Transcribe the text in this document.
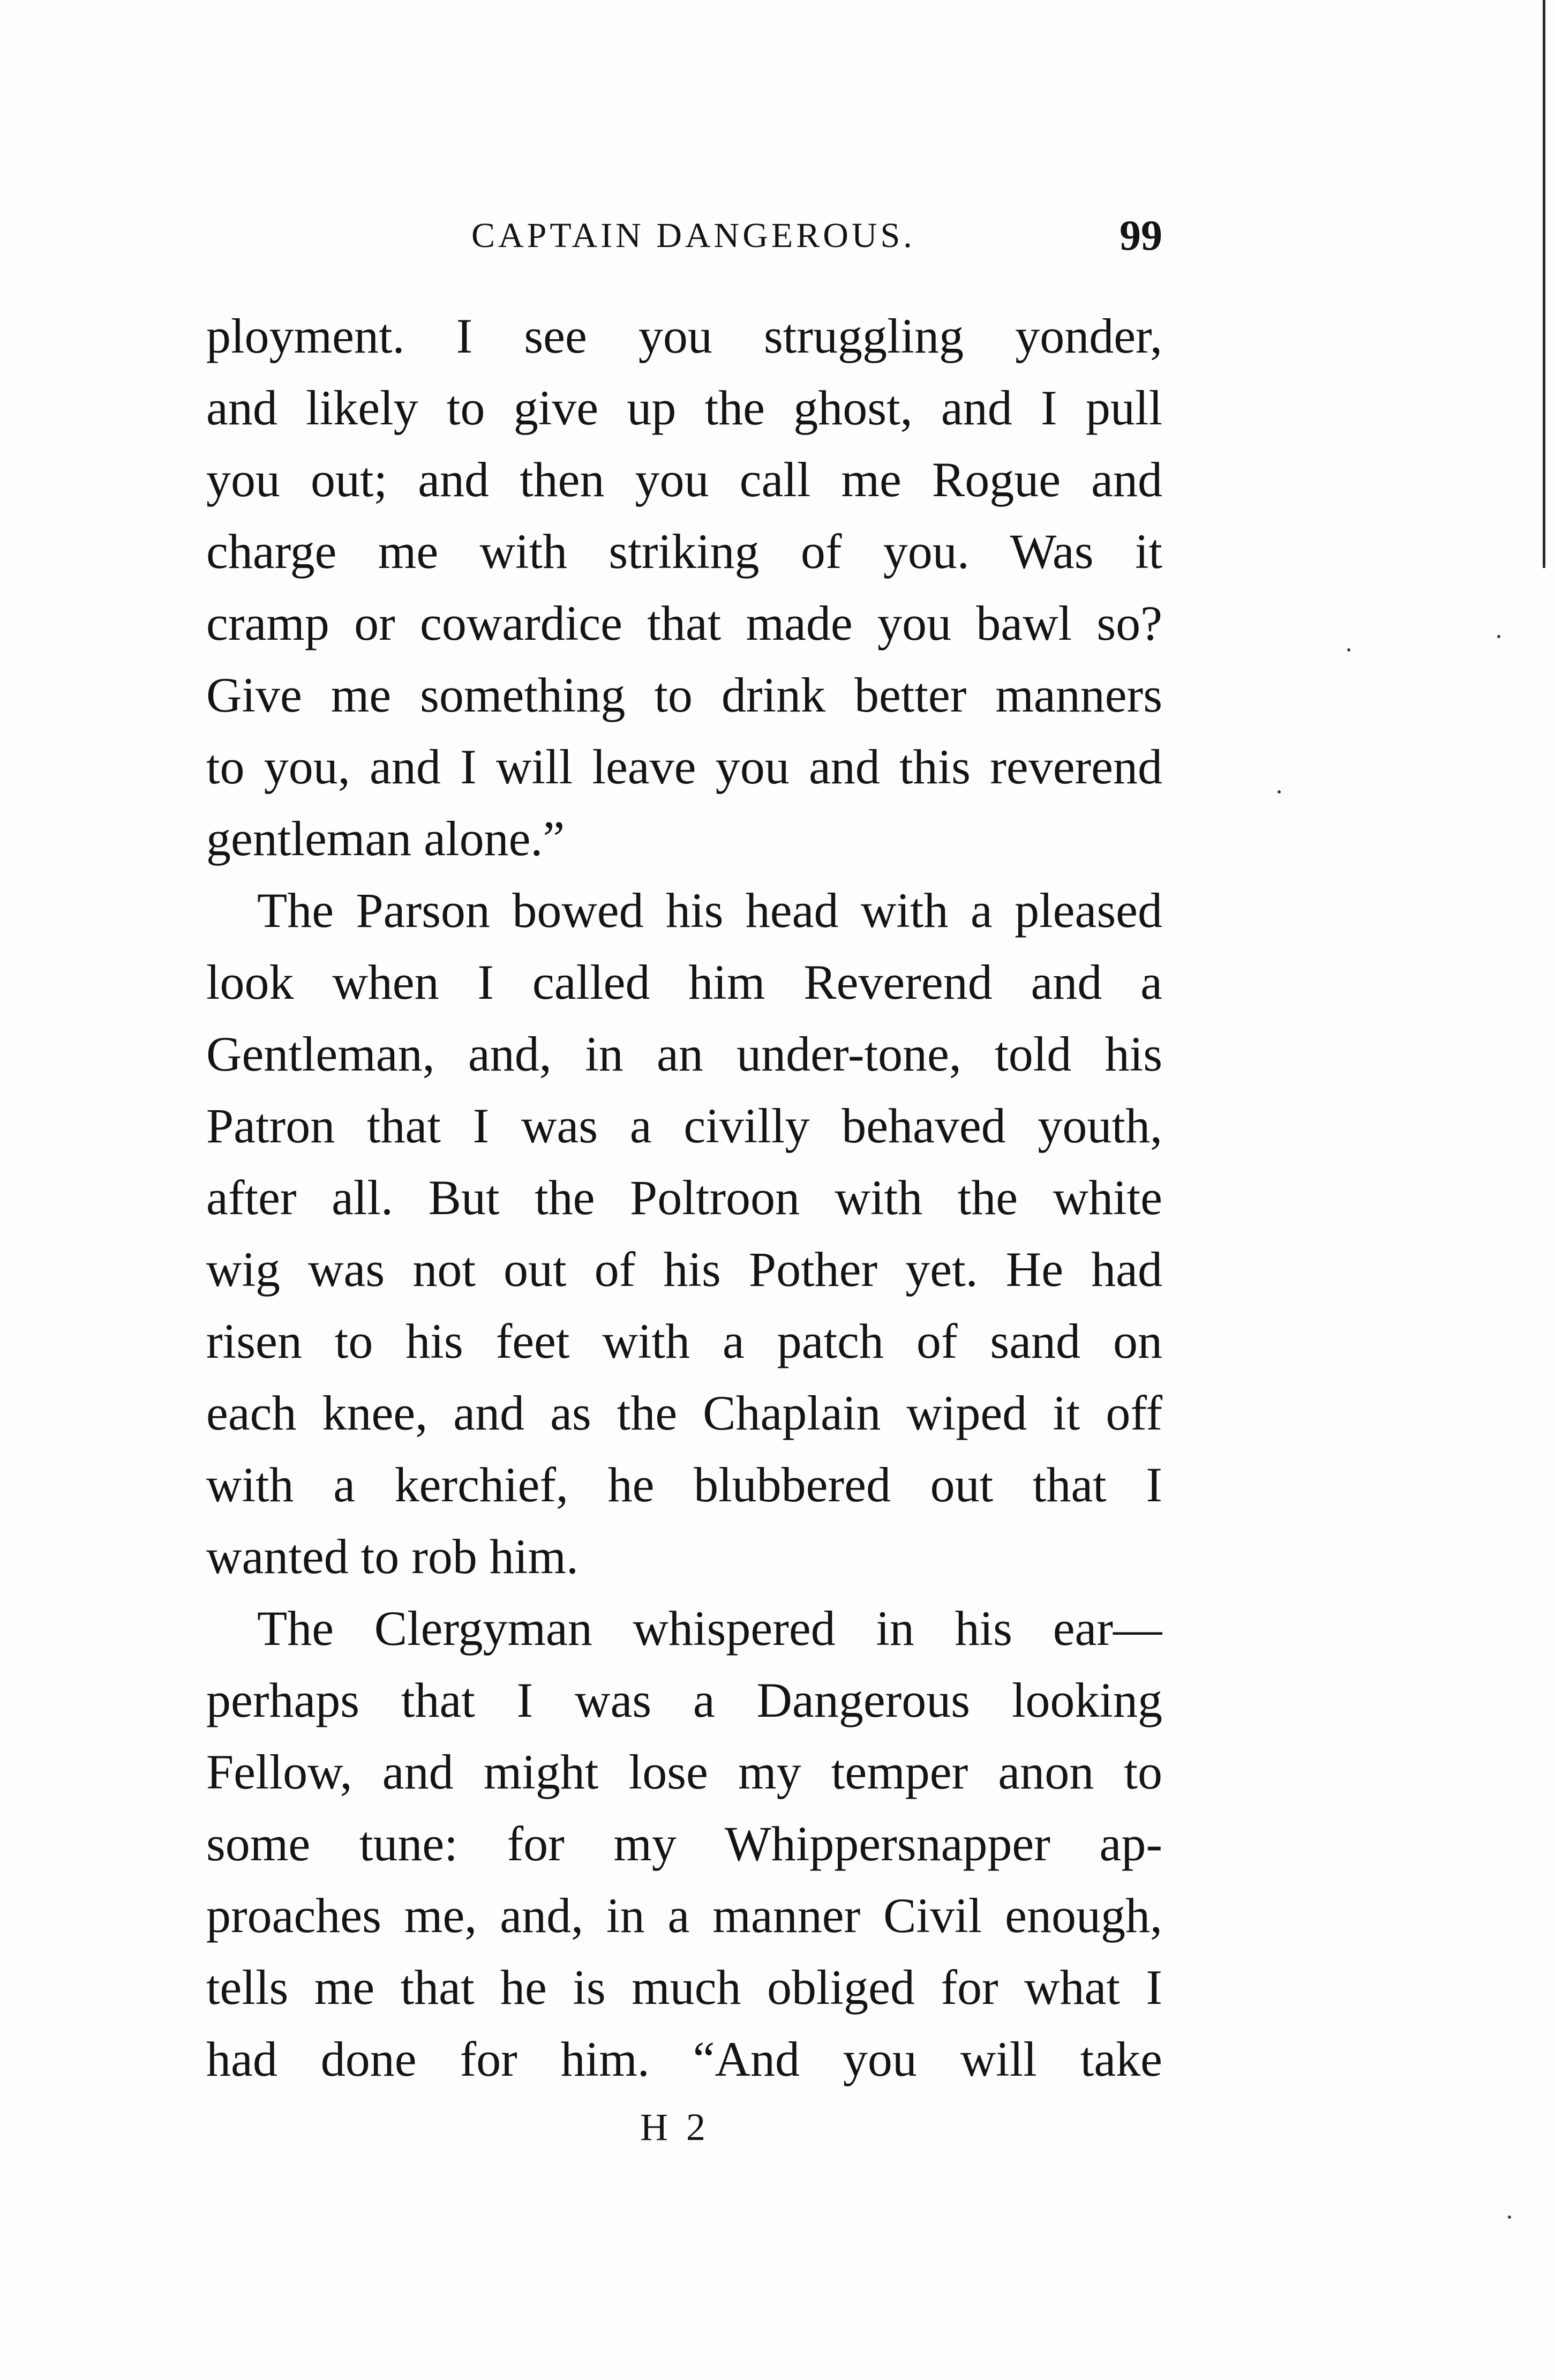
CAPTAIN DANGEROUS.	99
ployment. I see you struggling yonder,
and likely to give up the ghost, and I pull
you out; and then you call me Rogue and
charge me with striking of you. Was it
cramp or cowardice that made you bawl so?
Give me something to drink better manners
to you, and I will leave you and this reverend
gentleman alone.”
The Parson bowed his head with a pleased
look when I called him Reverend and a
Gentleman, and, in an under-tone, told his
Patron that I was a civilly behaved youth,
after all. But the Poltroon with the white
wig was not out of his Pother yet. He had
risen to his feet with a patch of sand on
each knee, and as the Chaplain wiped it off
with a kerchief, he blubbered out that I
wanted to rob him.
The Clergyman whispered in his ear—
perhaps that I was a Dangerous looking
Fellow, and might lose my temper anon to
some tune: for my Whippersnapper ap-
proaches me, and, in a manner Civil enough,
tells me that he is much obliged for what I
had done for him. “And you will take
H 2
